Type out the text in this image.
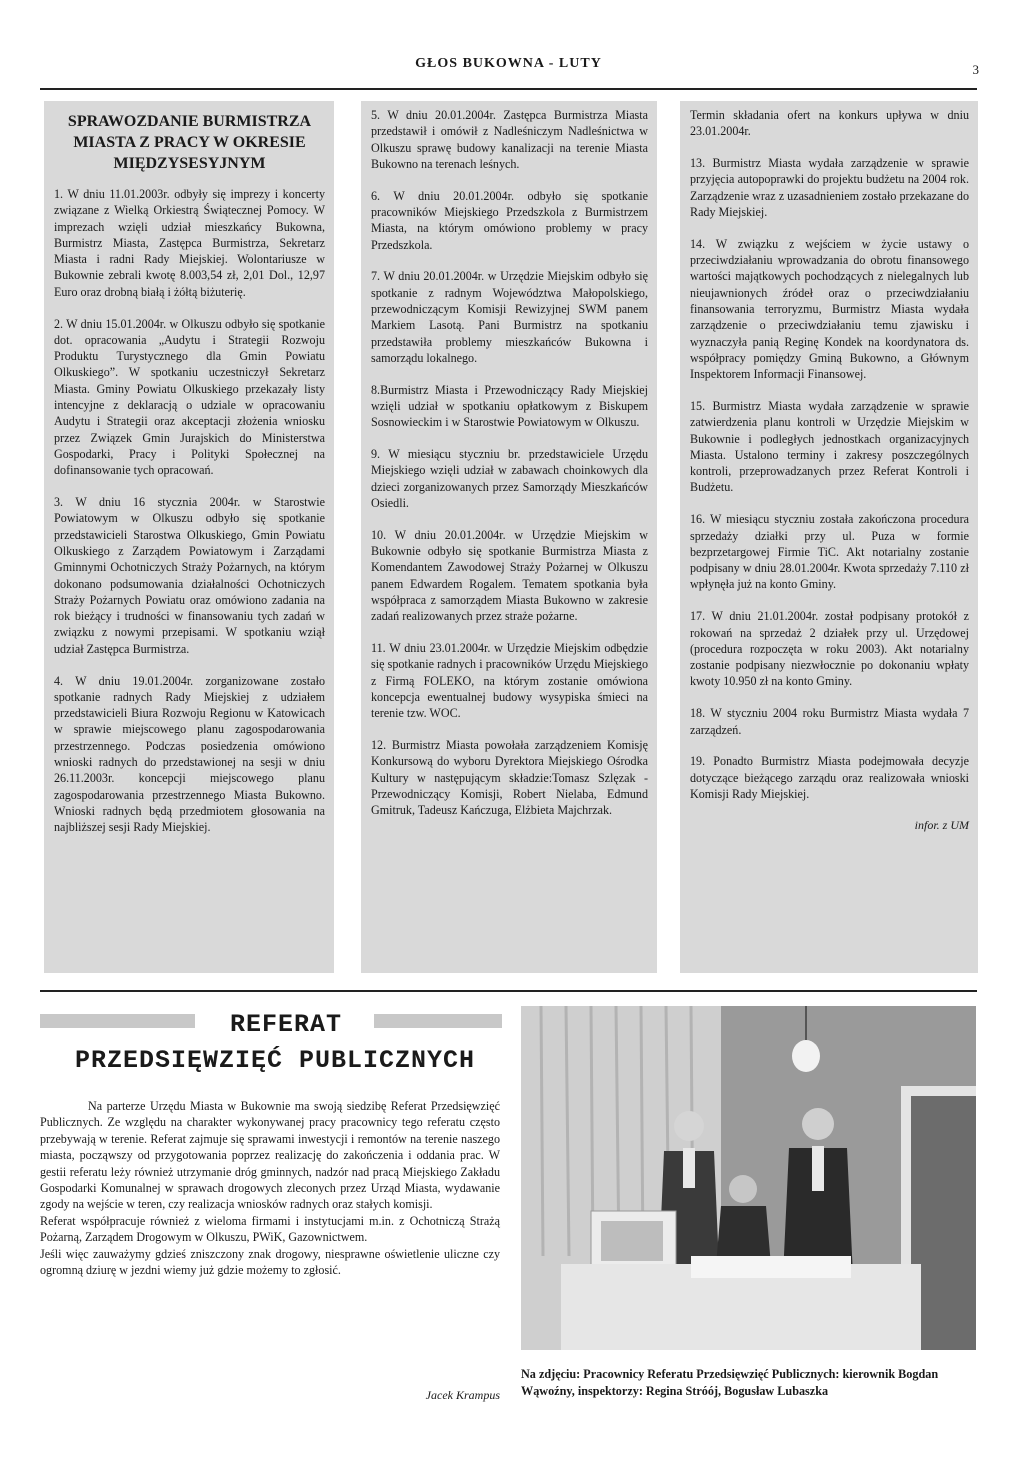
GŁOS BUKOWNA - LUTY	3
SPRAWOZDANIE BURMISTRZA
MIASTA Z PRACY W OKRESIE
MIĘDZYSESYJNYM

1. W dniu 11.01.2003r. odbyły się imprezy i koncerty związane z Wielką Orkiestrą Świątecznej Pomocy. W imprezach wzięli udział mieszkańcy Bukowna, Burmistrz Miasta, Zastępca Burmistrza, Sekretarz Miasta i radni Rady Miejskiej. Wolontariusze w Bukownie zebrali kwotę 8.003,54 zł, 2,01 Dol., 12,97 Euro oraz drobną białą i żółtą biżuterię.

2. W dniu 15.01.2004r. w Olkuszu odbyło się spotkanie dot. opracowania „Audytu i Strategii Rozwoju Produktu Turystycznego dla Gmin Powiatu Olkuskiego”. W spotkaniu uczestniczył Sekretarz Miasta. Gminy Powiatu Olkuskiego przekazały listy intencyjne z deklaracją o udziale w opracowaniu Audytu i Strategii oraz akceptacji złożenia wniosku przez Związek Gmin Jurajskich do Ministerstwa Gospodarki, Pracy i Polityki Społecznej na dofinansowanie tych opracowań.

3. W dniu 16 stycznia 2004r. w Starostwie Powiatowym w Olkuszu odbyło się spotkanie przedstawicieli Starostwa Olkuskiego, Gmin Powiatu Olkuskiego z Zarządem Powiatowym i Zarządami Gminnymi Ochotniczych Straży Pożarnych, na którym dokonano podsumowania działalności Ochotniczych Straży Pożarnych Powiatu oraz omówiono zadania na rok bieżący i trudności w finansowaniu tych zadań w związku z nowymi przepisami. W spotkaniu wziął udział Zastępca Burmistrza.

4. W dniu 19.01.2004r. zorganizowane zostało spotkanie radnych Rady Miejskiej z udziałem przedstawicieli Biura Rozwoju Regionu w Katowicach w sprawie miejscowego planu zagospodarowania przestrzennego. Podczas posiedzenia omówiono wnioski radnych do przedstawionej na sesji w dniu 26.11.2003r. koncepcji miejscowego planu zagospodarowania przestrzennego Miasta Bukowno. Wnioski radnych będą przedmiotem głosowania na najbliższej sesji Rady Miejskiej.

5. W dniu 20.01.2004r. Zastępca Burmistrza Miasta przedstawił i omówił z Nadleśniczym Nadleśnictwa w Olkuszu sprawę budowy kanalizacji na terenie Miasta Bukowno na terenach leśnych.

6. W dniu 20.01.2004r. odbyło się spotkanie pracowników Miejskiego Przedszkola z Burmistrzem Miasta, na którym omówiono problemy w pracy Przedszkola.

7. W dniu 20.01.2004r. w Urzędzie Miejskim odbyło się spotkanie z radnym Województwa Małopolskiego, przewodniczącym Komisji Rewizyjnej SWM panem Markiem Lasotą. Pani Burmistrz na spotkaniu przedstawiła problemy mieszkańców Bukowna i samorządu lokalnego.

8.Burmistrz Miasta i Przewodniczący Rady Miejskiej wzięli udział w spotkaniu opłatkowym z Biskupem Sosnowieckim i w Starostwie Powiatowym w Olkuszu.

9. W miesiącu styczniu br. przedstawiciele Urzędu Miejskiego wzięli udział w zabawach choinkowych dla dzieci zorganizowanych przez Samorządy Mieszkańców Osiedli.

10. W dniu 20.01.2004r. w Urzędzie Miejskim w Bukownie odbyło się spotkanie Burmistrza Miasta z Komendantem Zawodowej Straży Pożarnej w Olkuszu panem Edwardem Rogalem. Tematem spotkania była współpraca z samorządem Miasta Bukowno w zakresie zadań realizowanych przez straże pożarne.

11. W dniu 23.01.2004r. w Urzędzie Miejskim odbędzie się spotkanie radnych i pracowników Urzędu Miejskiego z Firmą FOLEKO, na którym zostanie omówiona koncepcja ewentualnej budowy wysypiska śmieci na terenie tzw. WOC.

12. Burmistrz Miasta powołała zarządzeniem Komisję Konkursową do wyboru Dyrektora Miejskiego Ośrodka Kultury w następującym składzie:Tomasz Szlęzak - Przewodniczący Komisji, Robert Nielaba, Edmund Gmitruk, Tadeusz Kańczuga, Elżbieta Majchrzak.

Termin składania ofert na konkurs upływa w dniu 23.01.2004r.

13. Burmistrz Miasta wydała zarządzenie w sprawie przyjęcia autopoprawki do projektu budżetu na 2004 rok. Zarządzenie wraz z uzasadnieniem zostało przekazane do Rady Miejskiej.

14. W związku z wejściem w życie ustawy o przeciwdziałaniu wprowadzania do obrotu finansowego wartości majątkowych pochodzących z nielegalnych lub nieujawnionych źródeł oraz o przeciwdziałaniu finansowania terroryzmu, Burmistrz Miasta wydała zarządzenie o przeciwdziałaniu temu zjawisku i wyznaczyła panią Reginę Kondek na koordynatora ds. współpracy pomiędzy Gminą Bukowno, a Głównym Inspektorem Informacji Finansowej.

15. Burmistrz Miasta wydała zarządzenie w sprawie zatwierdzenia planu kontroli w Urzędzie Miejskim w Bukownie i podległych jednostkach organizacyjnych Miasta. Ustalono terminy i zakresy poszczególnych kontroli, przeprowadzanych przez Referat Kontroli i Budżetu.

16. W miesiącu styczniu została zakończona procedura sprzedaży działki przy ul. Puza w formie bezprzetargowej Firmie TiC. Akt notarialny zostanie podpisany w dniu 28.01.2004r. Kwota sprzedaży 7.110 zł wpłynęła już na konto Gminy.

17. W dniu 21.01.2004r. został podpisany protokół z rokowań na sprzedaż 2 działek przy ul. Urzędowej (procedura rozpoczęta w roku 2003). Akt notarialny zostanie podpisany niezwłocznie po dokonaniu wpłaty kwoty 10.950 zł na konto Gminy.

18. W styczniu 2004 roku Burmistrz Miasta wydała 7 zarządzeń.

19. Ponadto Burmistrz Miasta podejmowała decyzje dotyczące bieżącego zarządu oraz realizowała wnioski Komisji Rady Miejskiej.

infor. z UM
REFERAT
PRZEDSIĘWZIĘĆ PUBLICZNYCH

Na parterze Urzędu Miasta w Bukownie ma swoją siedzibę Referat Przedsięwzięć Publicznych. Ze względu na charakter wykonywanej pracy pracownicy tego referatu często przebywają w terenie. Referat zajmuje się sprawami inwestycji i remontów na terenie naszego miasta, począwszy od przygotowania poprzez realizację do zakończenia i oddania prac. W gestii referatu leży również utrzymanie dróg gminnych, nadzór nad pracą Miejskiego Zakładu Gospodarki Komunalnej w sprawach drogowych zleconych przez Urząd Miasta, wydawanie zgody na wejście w teren, czy realizacja wniosków radnych oraz stałych komisji.

Referat współpracuje również z wieloma firmami i instytucjami m.in. z Ochotniczą Strażą Pożarną, Zarządem Drogowym w Olkuszu, PWiK, Gazownictwem.

Jeśli więc zauważymy gdzieś zniszczony znak drogowy, niesprawne oświetlenie uliczne czy ogromną dziurę w jezdni wiemy już gdzie możemy to zgłosić.

Jacek Krampus
Na zdjęciu: Pracownicy Referatu Przedsięwzięć Publicznych: kierownik Bogdan Wąwoźny, inspektorzy: Regina Stróój, Bogusław Lubaszka
